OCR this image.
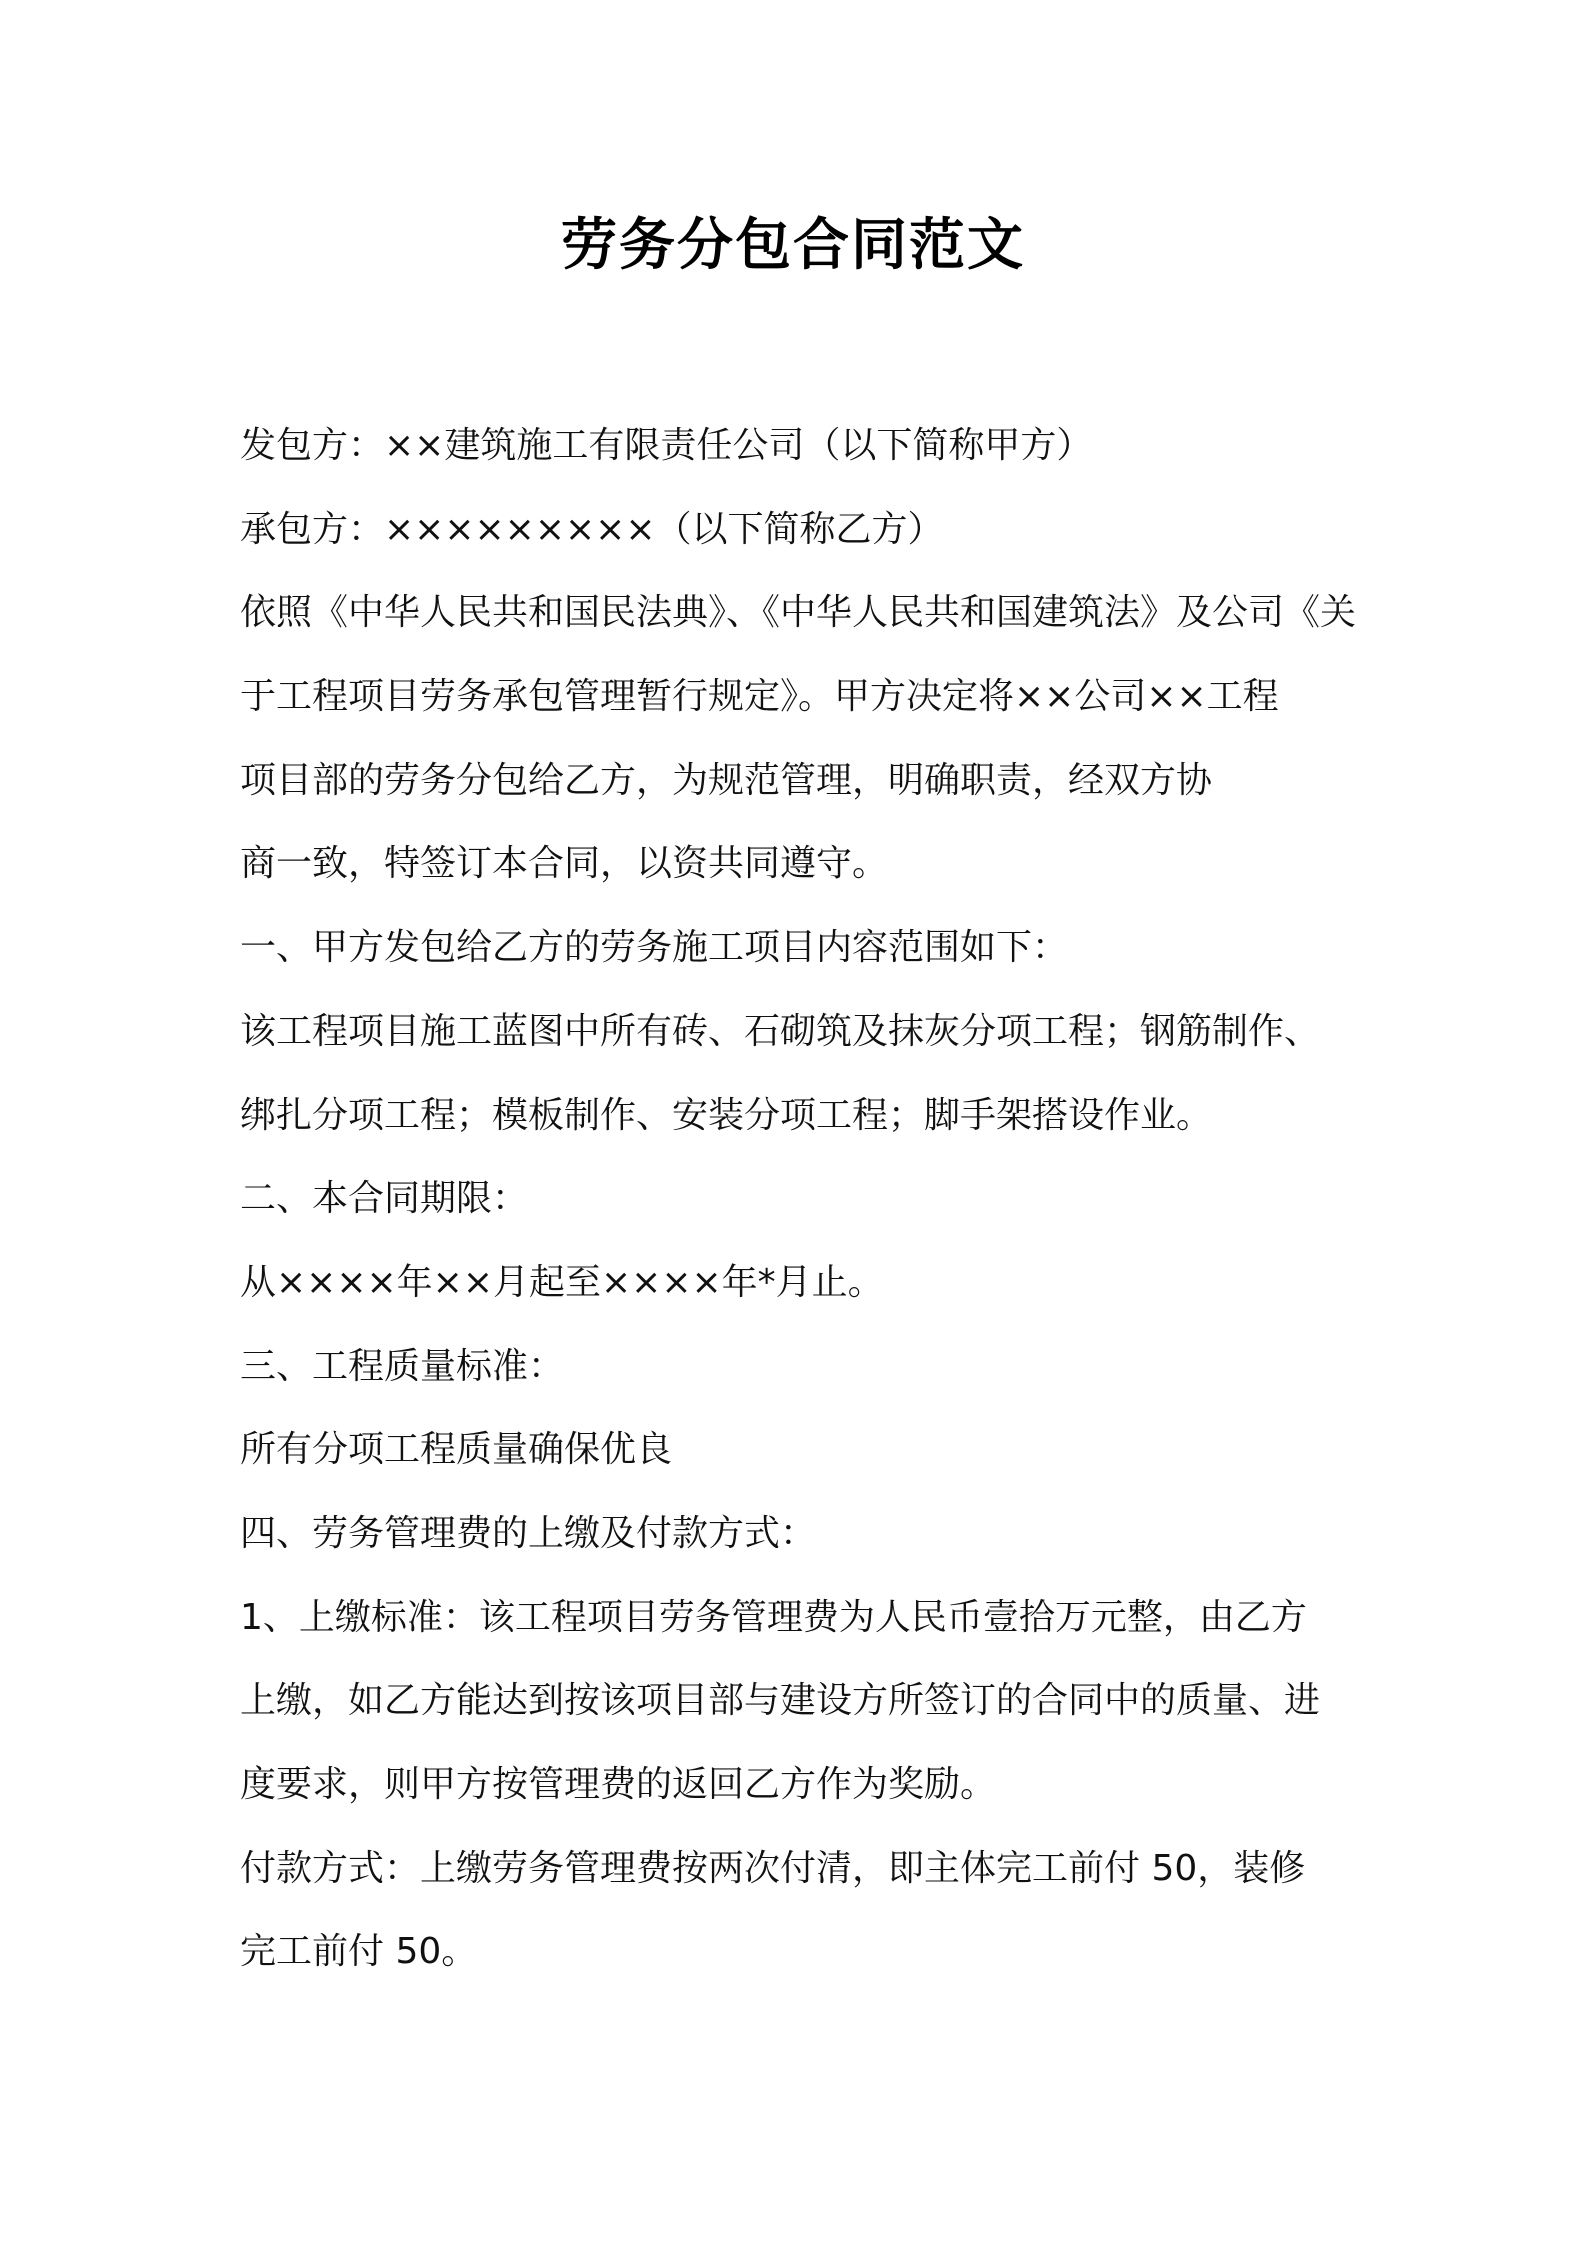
劳务分包合同范文
发包方：××建筑施工有限责任公司（以下简称甲方）
承包方：×××××××××（以下简称乙方）
依照《中华人民共和国民法典》、《中华人民共和国建筑法》及公司《关
于工程项目劳务承包管理暂行规定》。甲方决定将××公司××工程
项目部的劳务分包给乙方，为规范管理，明确职责，经双方协
商一致，特签订本合同，以资共同遵守。
一、甲方发包给乙方的劳务施工项目内容范围如下：
该工程项目施工蓝图中所有砖、石砌筑及抹灰分项工程；钢筋制作、
绑扎分项工程；模板制作、安装分项工程；脚手架搭设作业。
二、本合同期限：
从××××年××月起至××××年*月止。
三、工程质量标准：
所有分项工程质量确保优良
四、劳务管理费的上缴及付款方式：
1、上缴标准：该工程项目劳务管理费为人民币壹拾万元整，由乙方
上缴，如乙方能达到按该项目部与建设方所签订的合同中的质量、进
度要求，则甲方按管理费的返回乙方作为奖励。
付款方式：上缴劳务管理费按两次付清，即主体完工前付 50，装修
完工前付 50。
